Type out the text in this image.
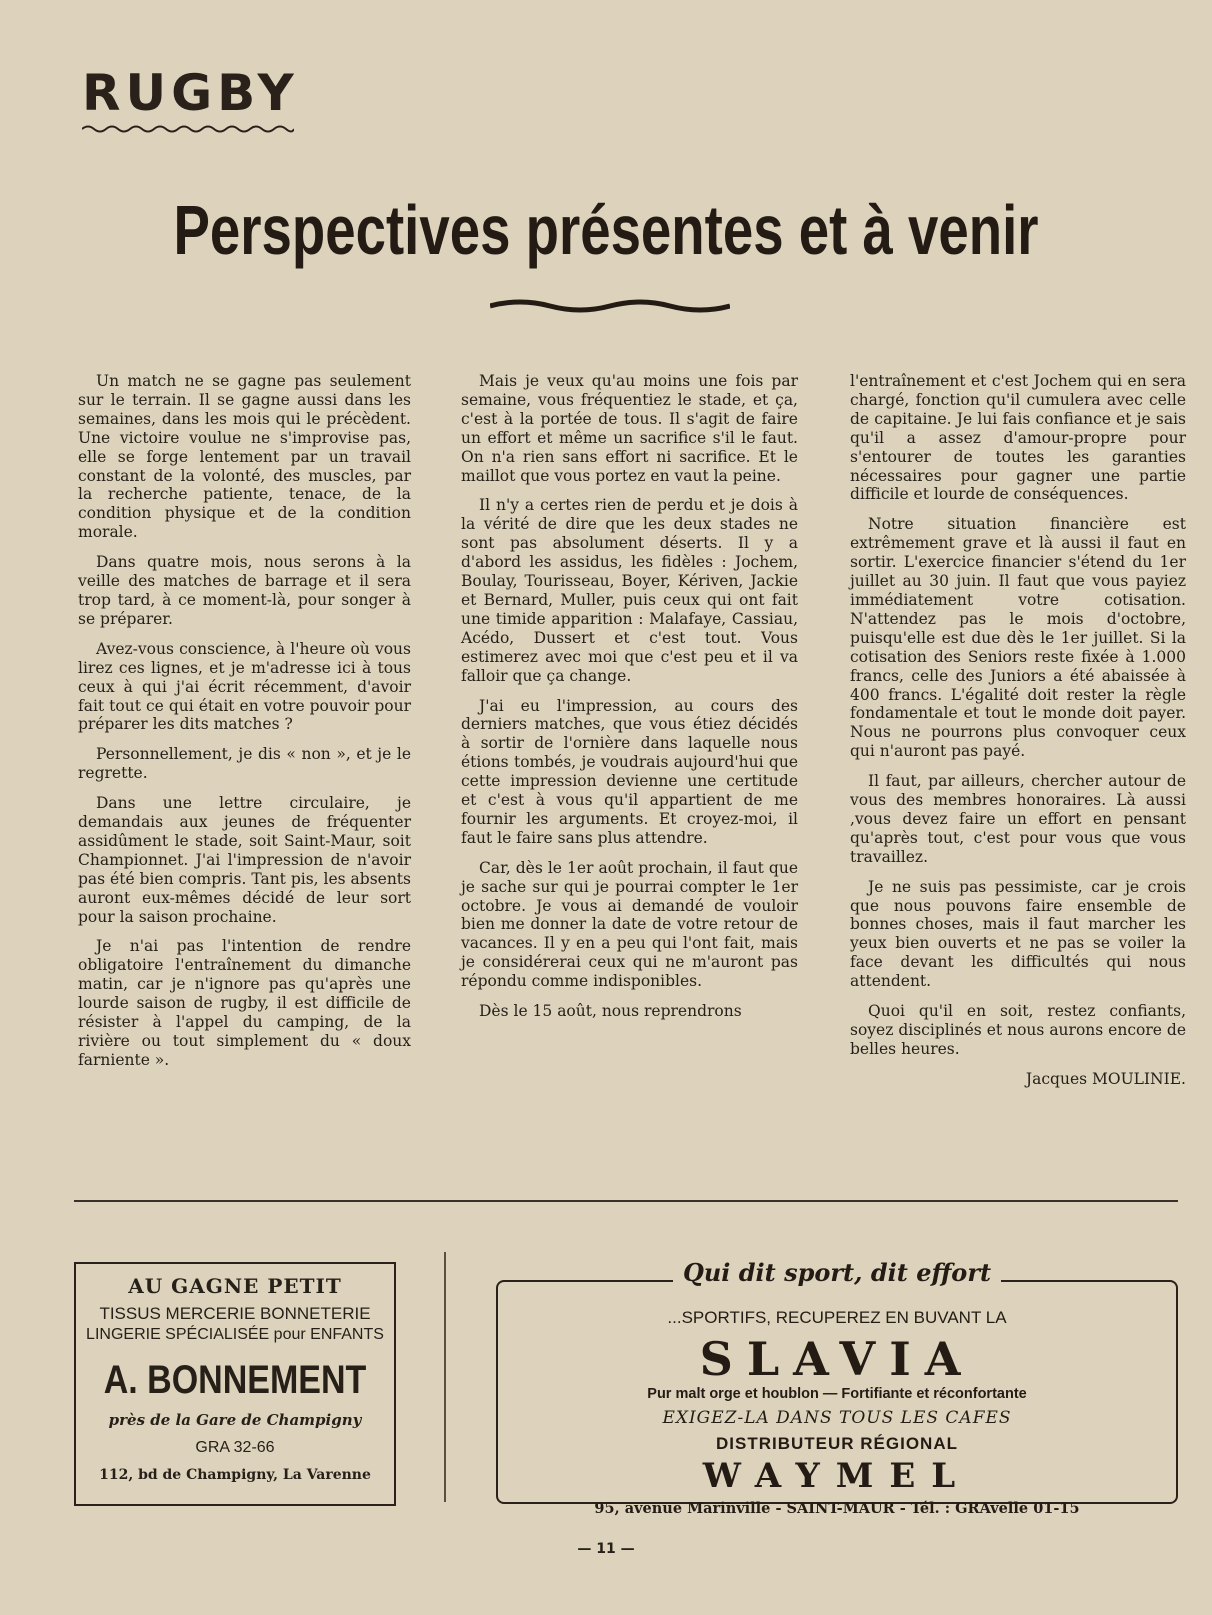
RUGBY
Perspectives présentes et à venir

Un match ne se gagne pas seulement sur le terrain. Il se gagne aussi dans les semaines, dans les mois qui le précèdent. Une victoire voulue ne s'improvise pas, elle se forge lentement par un travail constant de la volonté, des muscles, par la recherche patiente, tenace, de la condition physique et de la condition morale.

Dans quatre mois, nous serons à la veille des matches de barrage et il sera trop tard, à ce moment-là, pour songer à se préparer.

Avez-vous conscience, à l'heure où vous lirez ces lignes, et je m'adresse ici à tous ceux à qui j'ai écrit récemment, d'avoir fait tout ce qui était en votre pouvoir pour préparer les dits matches ?

Personnellement, je dis « non », et je le regrette.

Dans une lettre circulaire, je demandais aux jeunes de fréquenter assidûment le stade, soit Saint-Maur, soit Championnet. J'ai l'impression de n'avoir pas été bien compris. Tant pis, les absents auront eux-mêmes décidé de leur sort pour la saison prochaine.

Je n'ai pas l'intention de rendre obligatoire l'entraînement du dimanche matin, car je n'ignore pas qu'après une lourde saison de rugby, il est difficile de résister à l'appel du camping, de la rivière ou tout simplement du « doux farniente ».

Mais je veux qu'au moins une fois par semaine, vous fréquentiez le stade, et ça, c'est à la portée de tous. Il s'agit de faire un effort et même un sacrifice s'il le faut. On n'a rien sans effort ni sacrifice. Et le maillot que vous portez en vaut la peine.

Il n'y a certes rien de perdu et je dois à la vérité de dire que les deux stades ne sont pas absolument déserts. Il y a d'abord les assidus, les fidèles : Jochem, Boulay, Tourisseau, Boyer, Kériven, Jackie et Bernard, Muller, puis ceux qui ont fait une timide apparition : Malafaye, Cassiau, Acédo, Dussert et c'est tout. Vous estimerez avec moi que c'est peu et il va falloir que ça change.

J'ai eu l'impression, au cours des derniers matches, que vous étiez décidés à sortir de l'ornière dans laquelle nous étions tombés, je voudrais aujourd'hui que cette impression devienne une certitude et c'est à vous qu'il appartient de me fournir les arguments. Et croyez-moi, il faut le faire sans plus attendre.

Car, dès le 1er août prochain, il faut que je sache sur qui je pourrai compter le 1er octobre. Je vous ai demandé de vouloir bien me donner la date de votre retour de vacances. Il y en a peu qui l'ont fait, mais je considérerai ceux qui ne m'auront pas répondu comme indisponibles.

Dès le 15 août, nous reprendrons

l'entraînement et c'est Jochem qui en sera chargé, fonction qu'il cumulera avec celle de capitaine. Je lui fais confiance et je sais qu'il a assez d'amour-propre pour s'entourer de toutes les garanties nécessaires pour gagner une partie difficile et lourde de conséquences.

Notre situation financière est extrêmement grave et là aussi il faut en sortir. L'exercice financier s'étend du 1er juillet au 30 juin. Il faut que vous payiez immédiatement votre cotisation. N'attendez pas le mois d'octobre, puisqu'elle est due dès le 1er juillet. Si la cotisation des Seniors reste fixée à 1.000 francs, celle des Juniors a été abaissée à 400 francs. L'égalité doit rester la règle fondamentale et tout le monde doit payer. Nous ne pourrons plus convoquer ceux qui n'auront pas payé.

Il faut, par ailleurs, chercher autour de vous des membres honoraires. Là aussi ,vous devez faire un effort en pensant qu'après tout, c'est pour vous que vous travaillez.

Je ne suis pas pessimiste, car je crois que nous pouvons faire ensemble de bonnes choses, mais il faut marcher les yeux bien ouverts et ne pas se voiler la face devant les difficultés qui nous attendent.

Quoi qu'il en soit, restez confiants, soyez disciplinés et nous aurons encore de belles heures.

Jacques MOULINIE.
AU GAGNE PETIT
TISSUS MERCERIE BONNETERIE
LINGERIE SPÉCIALISÉE pour ENFANTS
A. BONNEMENT
près de la Gare de Champigny
GRA 32-66
112, bd de Champigny, La Varenne
...SPORTIFS, RECUPEREZ EN BUVANT LA
SLAVIA
Pur malt orge et houblon — Fortifiante et réconfortante
EXIGEZ-LA DANS TOUS LES CAFES
DISTRIBUTEUR RÉGIONAL
WAYMEL
95, avenue Marinville - SAINT-MAUR - Tél. : GRAvelle 01-15
Qui dit sport, dit effort
— 11 —
